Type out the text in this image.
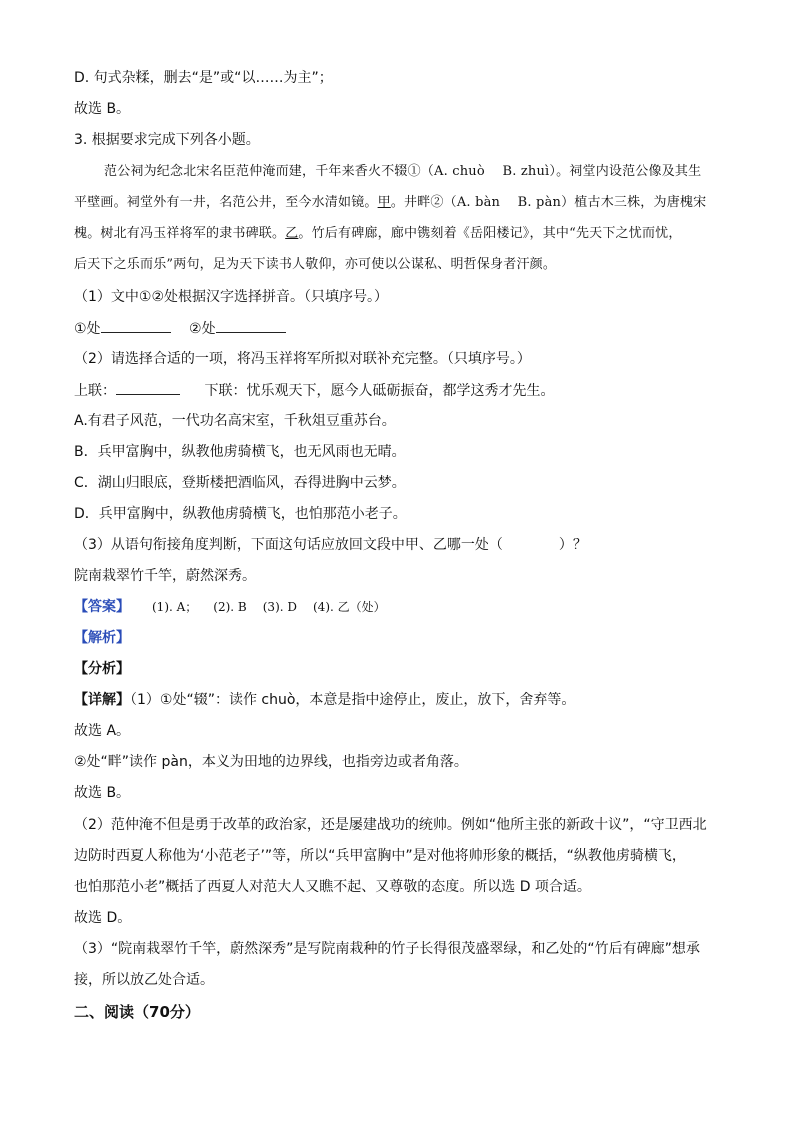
D. 句式杂糅，删去“是”或“以……为主”；
故选 B。
3. 根据要求完成下列各小题。
范公祠为纪念北宋名臣范仲淹而建，千年来香火不辍①（A. chuò　 B. zhuì）。祠堂内设范公像及其生
平壁画。祠堂外有一井，名范公井，至今水清如镜。甲。井畔②（A. bàn　 B. pàn）植古木三株，为唐槐宋
槐。树北有冯玉祥将军的隶书碑联。乙。竹后有碑廊，廊中镌刻着《岳阳楼记》，其中“先天下之忧而忧，
后天下之乐而乐”两句，足为天下读书人敬仰，亦可使以公谋私、明哲保身者汗颜。
（1）文中①②处根据汉字选择拼音。（只填序号。）
①处	②处
（2）请选择合适的一项，将冯玉祥将军所拟对联补充完整。（只填序号。）
上联：	下联：忧乐观天下，愿今人砥砺振奋，都学这秀才先生。
A.有君子风范，一代功名高宋室，千秋俎豆重苏台。
B．兵甲富胸中，纵教他虏骑横飞，也无风雨也无晴。
C．湖山归眼底，登斯楼把酒临风，吞得进胸中云梦。
D．兵甲富胸中，纵教他虏骑横飞，也怕那范小老子。
（3）从语句衔接角度判断，下面这句话应放回文段中甲、乙哪一处（　　　　）？
院南栽翠竹千竿，蔚然深秀。
【答案】 (1). A； (2). B (3). D (4). 乙（处）
【解析】
【分析】
【详解】（1）①处“辍”：读作 chuò，本意是指中途停止，废止，放下，舍弃等。
故选 A。
②处“畔”读作 pàn，本义为田地的边界线，也指旁边或者角落。
故选 B。
（2）范仲淹不但是勇于改革的政治家，还是屡建战功的统帅。例如“他所主张的新政十议”，“守卫西北
边防时西夏人称他为‘小范老子’”等，所以“兵甲富胸中”是对他将帅形象的概括，“纵教他虏骑横飞，
也怕那范小老”概括了西夏人对范大人又瞧不起、又尊敬的态度。所以选 D 项合适。
故选 D。
（3）“院南栽翠竹千竿，蔚然深秀”是写院南栽种的竹子长得很茂盛翠绿，和乙处的“竹后有碑廊”想承
接，所以放乙处合适。
二、阅读（70分）
